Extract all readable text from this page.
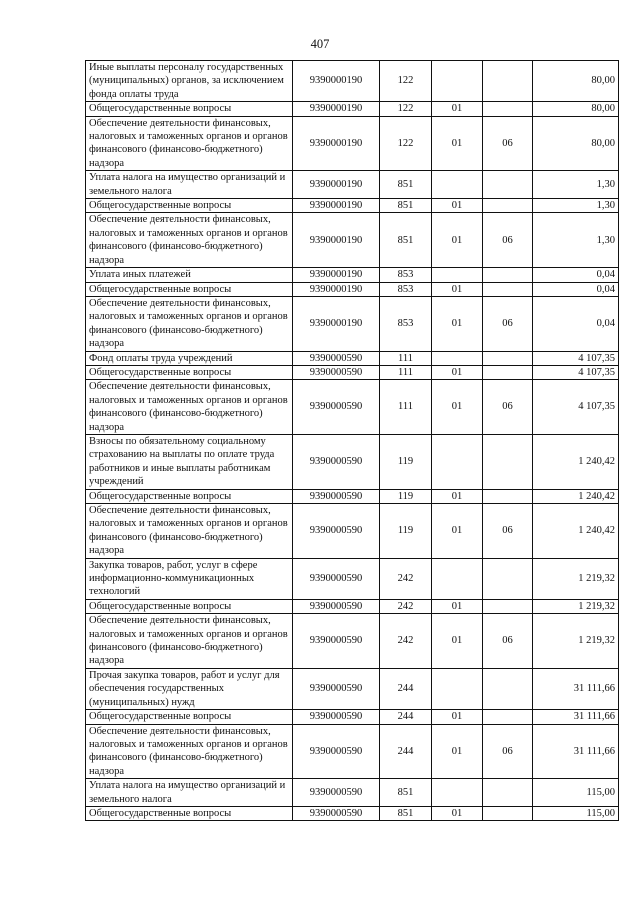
407
Иные выплаты персоналу государственных (муниципальных) органов, за исключением фонда оплаты труда	9390000190	122			80,00
Общегосударственные вопросы	9390000190	122	01		80,00
Обеспечение деятельности финансовых, налоговых и таможенных органов и органов финансового (финансово-бюджетного) надзора	9390000190	122	01	06	80,00
Уплата налога на имущество организаций и земельного налога	9390000190	851			1,30
Общегосударственные вопросы	9390000190	851	01		1,30
Обеспечение деятельности финансовых, налоговых и таможенных органов и органов финансового (финансово-бюджетного) надзора	9390000190	851	01	06	1,30
Уплата иных платежей	9390000190	853			0,04
Общегосударственные вопросы	9390000190	853	01		0,04
Обеспечение деятельности финансовых, налоговых и таможенных органов и органов финансового (финансово-бюджетного) надзора	9390000190	853	01	06	0,04
Фонд оплаты труда учреждений	9390000590	111			4 107,35
Общегосударственные вопросы	9390000590	111	01		4 107,35
Обеспечение деятельности финансовых, налоговых и таможенных органов и органов финансового (финансово-бюджетного) надзора	9390000590	111	01	06	4 107,35
Взносы по обязательному социальному страхованию на выплаты по оплате труда работников и иные выплаты работникам учреждений	9390000590	119			1 240,42
Общегосударственные вопросы	9390000590	119	01		1 240,42
Обеспечение деятельности финансовых, налоговых и таможенных органов и органов финансового (финансово-бюджетного) надзора	9390000590	119	01	06	1 240,42
Закупка товаров, работ, услуг в сфере информационно-коммуникационных технологий	9390000590	242			1 219,32
Общегосударственные вопросы	9390000590	242	01		1 219,32
Обеспечение деятельности финансовых, налоговых и таможенных органов и органов финансового (финансово-бюджетного) надзора	9390000590	242	01	06	1 219,32
Прочая закупка товаров, работ и услуг для обеспечения государственных (муниципальных) нужд	9390000590	244			31 111,66
Общегосударственные вопросы	9390000590	244	01		31 111,66
Обеспечение деятельности финансовых, налоговых и таможенных органов и органов финансового (финансово-бюджетного) надзора	9390000590	244	01	06	31 111,66
Уплата налога на имущество организаций и земельного налога	9390000590	851			115,00
Общегосударственные вопросы	9390000590	851	01		115,00
